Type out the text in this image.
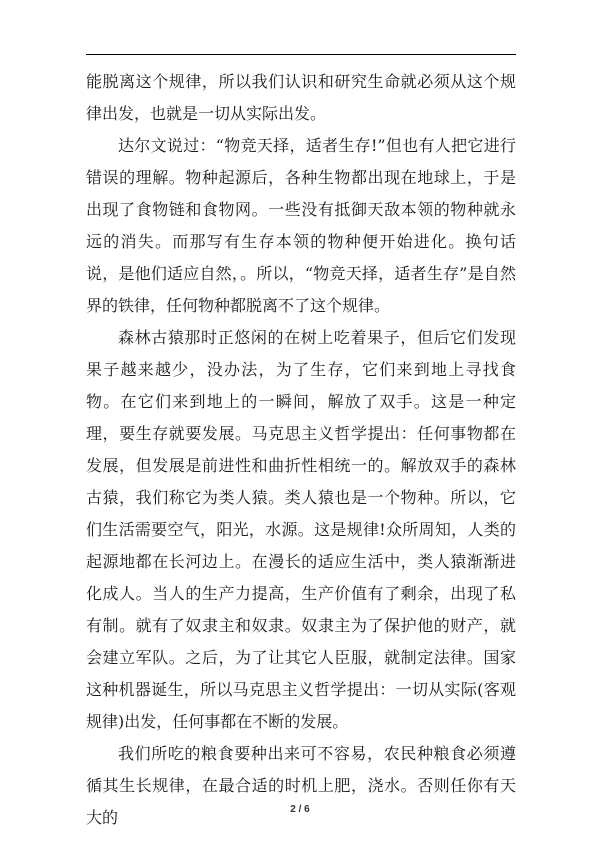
能脱离这个规律，所以我们认识和研究生命就必须从这个规律出发，也就是一切从实际出发。

达尔文说过：“物竞天择，适者生存!”但也有人把它进行错误的理解。物种起源后，各种生物都出现在地球上，于是出现了食物链和食物网。一些没有抵御天敌本领的物种就永远的消失。而那写有生存本领的物种便开始进化。换句话说，是他们适应自然，。所以，“物竞天择，适者生存”是自然界的铁律，任何物种都脱离不了这个规律。

森林古猿那时正悠闲的在树上吃着果子，但后它们发现果子越来越少，没办法，为了生存，它们来到地上寻找食物。在它们来到地上的一瞬间，解放了双手。这是一种定理，要生存就要发展。马克思主义哲学提出：任何事物都在发展，但发展是前进性和曲折性相统一的。解放双手的森林古猿，我们称它为类人猿。类人猿也是一个物种。所以，它们生活需要空气，阳光，水源。这是规律!众所周知，人类的起源地都在长河边上。在漫长的适应生活中，类人猿渐渐进化成人。当人的生产力提高，生产价值有了剩余，出现了私有制。就有了奴隶主和奴隶。奴隶主为了保护他的财产，就会建立军队。之后，为了让其它人臣服，就制定法律。国家这种机器诞生，所以马克思主义哲学提出：一切从实际(客观规律)出发，任何事都在不断的发展。

我们所吃的粮食要种出来可不容易，农民种粮食必须遵循其生长规律，在最合适的时机上肥，浇水。否则任你有天大的	2 / 6
